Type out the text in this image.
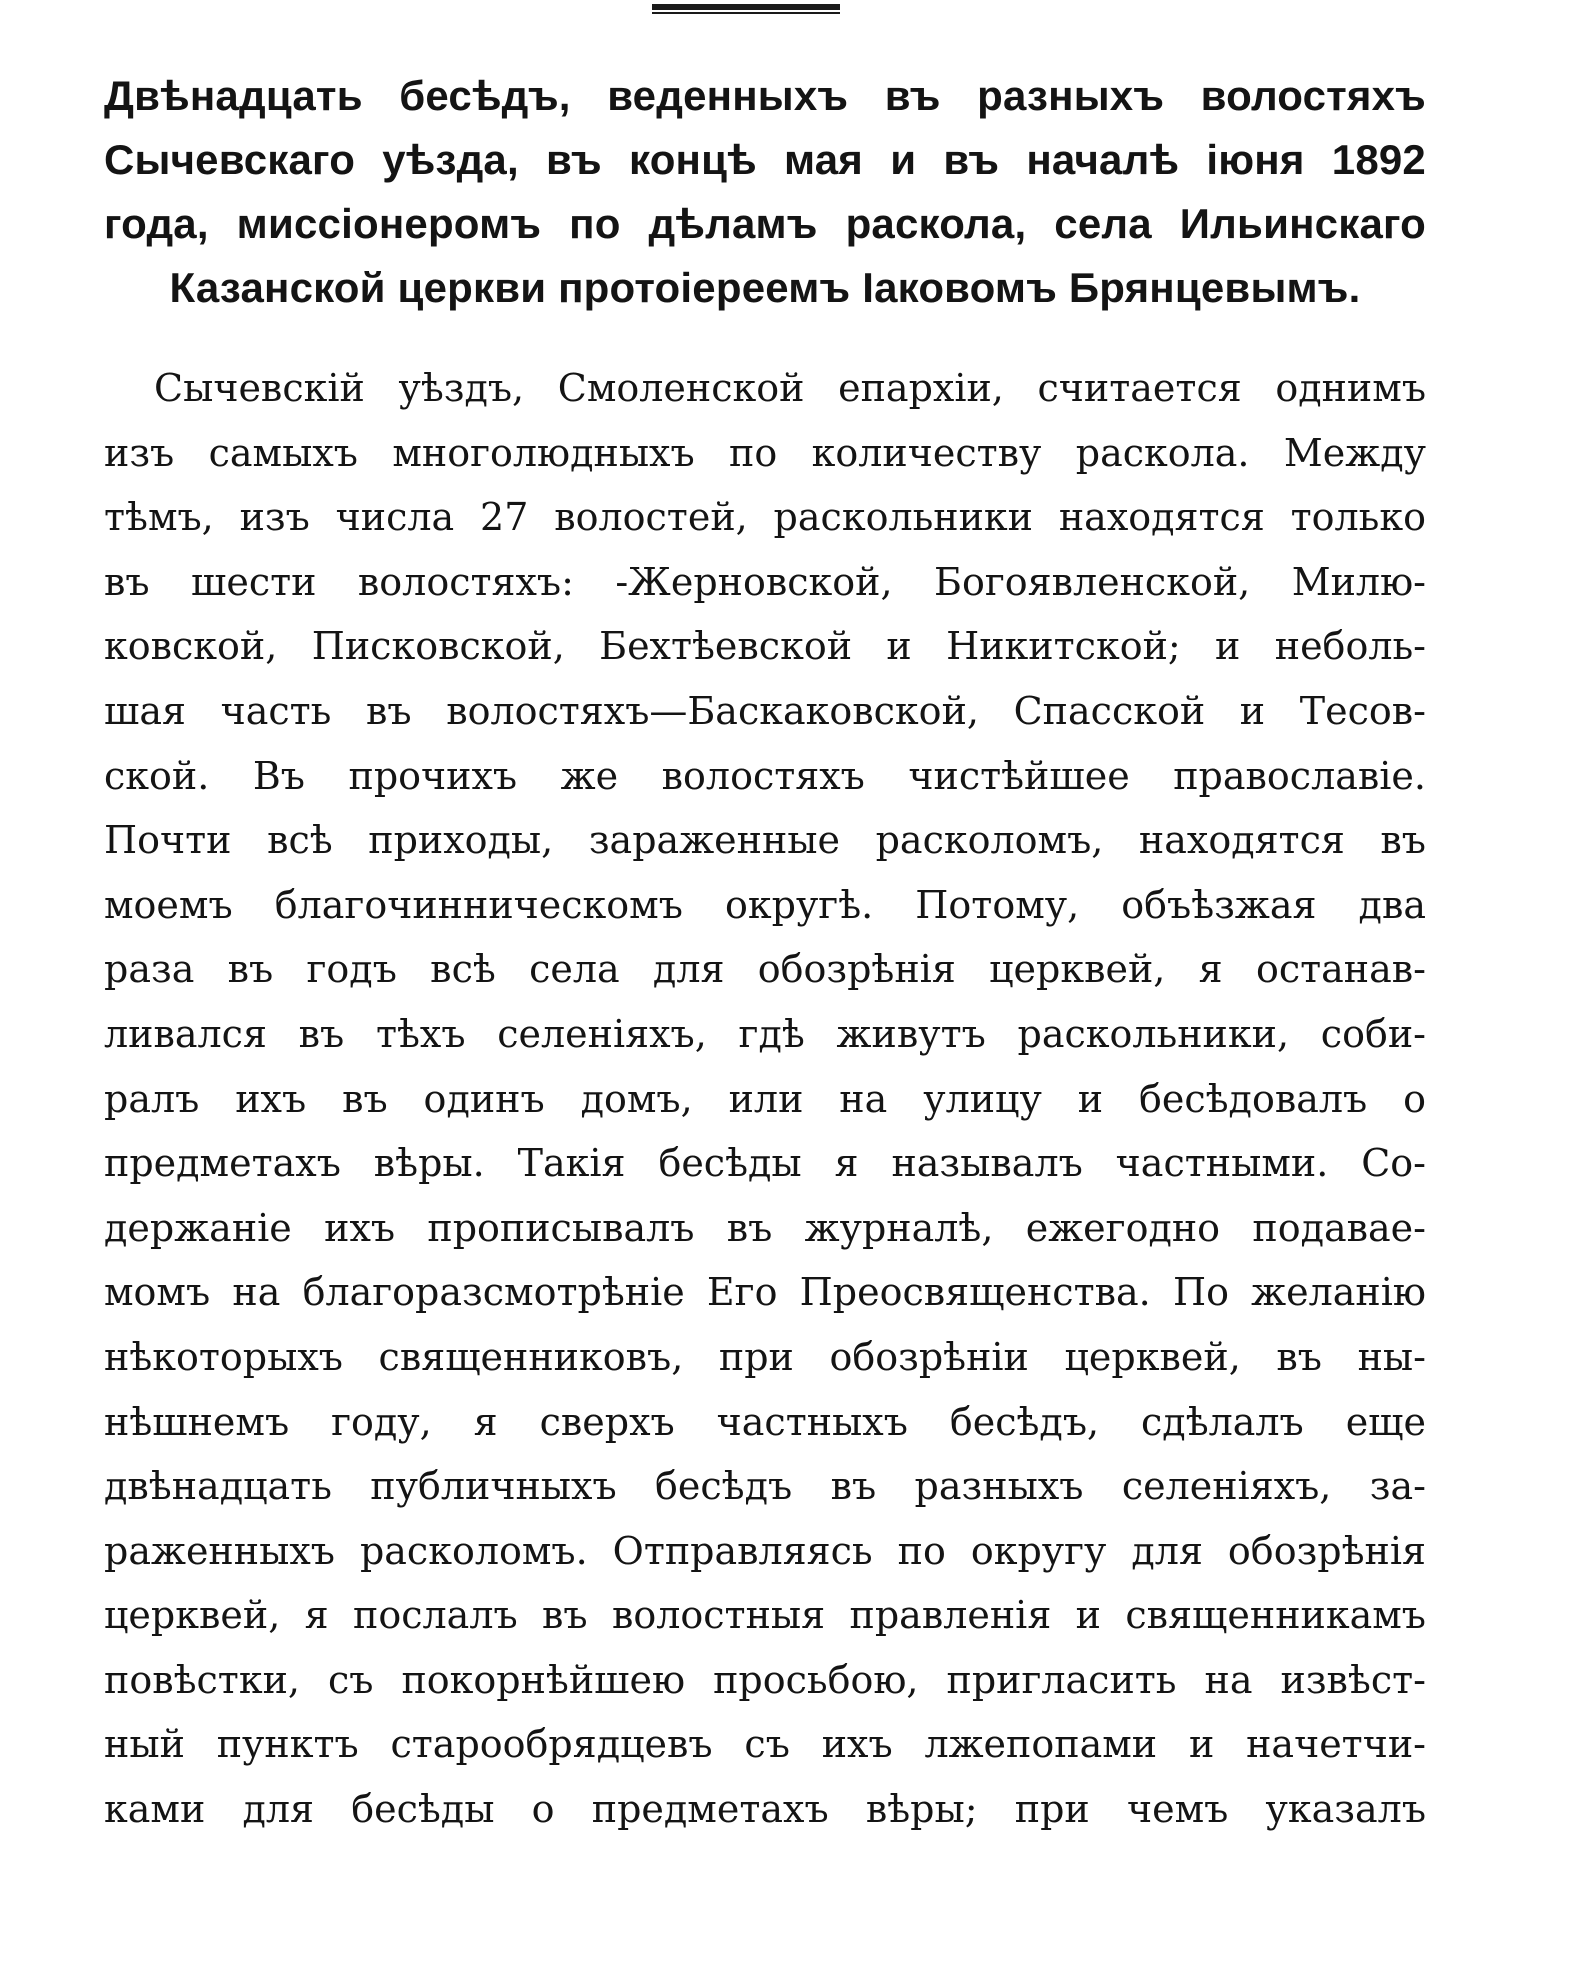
Двѣнадцать бесѣдъ, веденныхъ въ разныхъ волостяхъ
Сычевскаго уѣзда, въ концѣ мая и въ началѣ іюня 1892
года, миссіонеромъ по дѣламъ раскола, села Ильинскаго
Казанской церкви протоіереемъ Іаковомъ Брянцевымъ.
Сычевскій уѣздъ, Смоленской епархіи, считается однимъ
изъ самыхъ многолюдныхъ по количеству раскола. Между
тѣмъ, изъ числа 27 волостей, раскольники находятся только
въ шести волостяхъ: -Жерновской, Богоявленской, Милю-
ковской, Писковской, Бехтѣевской и Никитской; и неболь-
шая часть въ волостяхъ—Баскаковской, Спасской и Тесов-
ской. Въ прочихъ же волостяхъ чистѣйшее православіе.
Почти всѣ приходы, зараженные расколомъ, находятся въ
моемъ благочинническомъ округѣ. Потому, объѣзжая два
раза въ годъ всѣ села для обозрѣнія церквей, я останав-
ливался въ тѣхъ селеніяхъ, гдѣ живутъ раскольники, соби-
ралъ ихъ въ одинъ домъ, или на улицу и бесѣдовалъ о
предметахъ вѣры. Такія бесѣды я называлъ частными. Со-
держаніе ихъ прописывалъ въ журналѣ, ежегодно подавае-
момъ на благоразсмотрѣніе Его Преосвященства. По желанію
нѣкоторыхъ священниковъ, при обозрѣніи церквей, въ ны-
нѣшнемъ году, я сверхъ частныхъ бесѣдъ, сдѣлалъ еще
двѣнадцать публичныхъ бесѣдъ въ разныхъ селеніяхъ, за-
раженныхъ расколомъ. Отправляясь по округу для обозрѣнія
церквей, я послалъ въ волостныя правленія и священникамъ
повѣстки, съ покорнѣйшею просьбою, пригласить на извѣст-
ный пунктъ старообрядцевъ съ ихъ лжепопами и начетчи-
ками для бесѣды о предметахъ вѣры; при чемъ указалъ
